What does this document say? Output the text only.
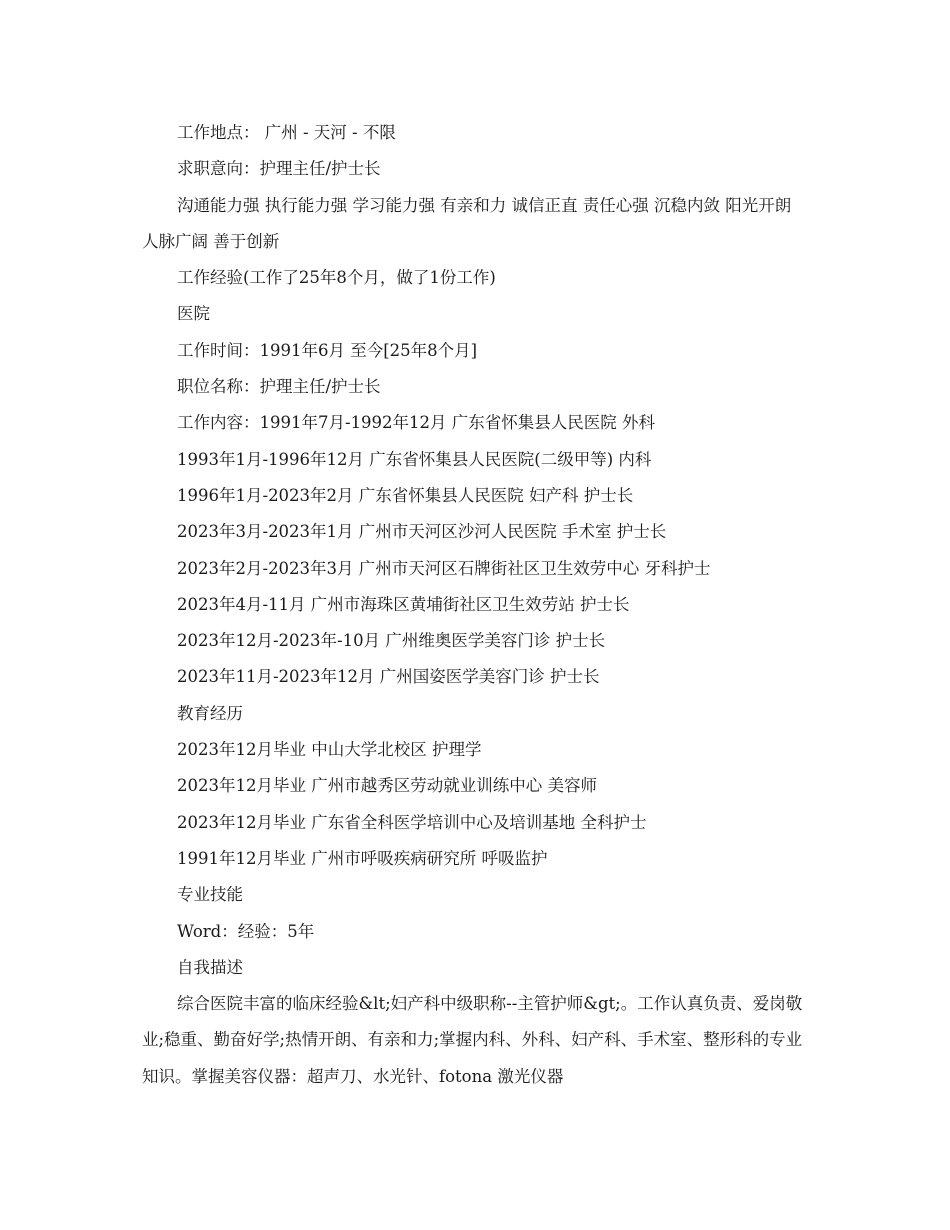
工作地点： 广州 - 天河 - 不限

求职意向：护理主任/护士长

沟通能力强 执行能力强 学习能力强 有亲和力 诚信正直 责任心强 沉稳内敛 阳光开朗 人脉广阔 善于创新

工作经验(工作了25年8个月，做了1份工作)

医院

工作时间：1991年6月 至今[25年8个月]

职位名称：护理主任/护士长

工作内容：1991年7月-1992年12月 广东省怀集县人民医院 外科

1993年1月-1996年12月 广东省怀集县人民医院(二级甲等) 内科

1996年1月-2023年2月 广东省怀集县人民医院 妇产科 护士长

2023年3月-2023年1月 广州市天河区沙河人民医院 手术室 护士长

2023年2月-2023年3月 广州市天河区石牌街社区卫生效劳中心 牙科护士

2023年4月-11月 广州市海珠区黄埔街社区卫生效劳站 护士长

2023年12月-2023年-10月 广州维奥医学美容门诊 护士长

2023年11月-2023年12月 广州国姿医学美容门诊 护士长

教育经历

2023年12月毕业 中山大学北校区 护理学

2023年12月毕业 广州市越秀区劳动就业训练中心 美容师

2023年12月毕业 广东省全科医学培训中心及培训基地 全科护士

1991年12月毕业 广州市呼吸疾病研究所 呼吸监护

专业技能

Word：经验：5年

自我描述

综合医院丰富的临床经验&lt;妇产科中级职称--主管护师&gt;。工作认真负责、爱岗敬业;稳重、勤奋好学;热情开朗、有亲和力;掌握内科、外科、妇产科、手术室、整形科的专业知识。掌握美容仪器：超声刀、水光针、fotona 激光仪器
